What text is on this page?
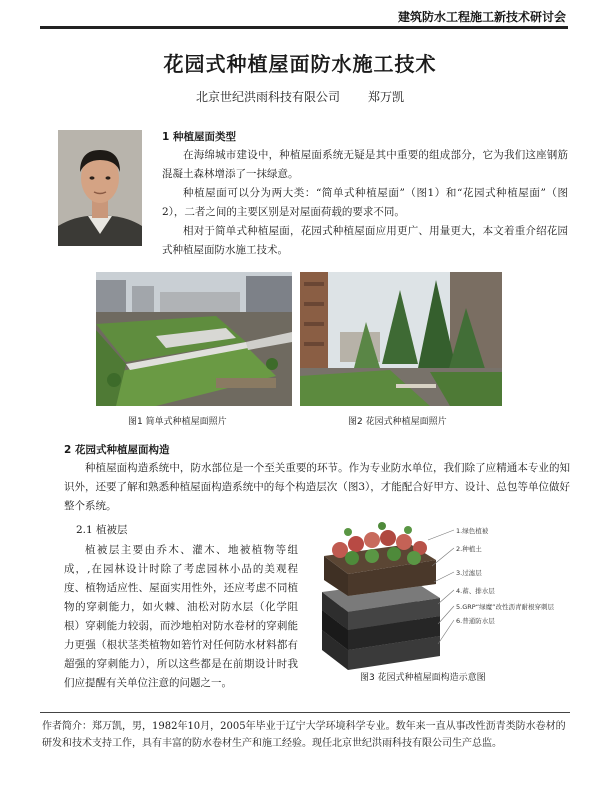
建筑防水工程施工新技术研讨会
花园式种植屋面防水施工技术
北京世纪洪雨科技有限公司 郑万凯
1 种植屋面类型
在海绵城市建设中，种植屋面系统无疑是其中重要的组成部分，它为我们这座钢筋混凝土森林增添了一抹绿意。
种植屋面可以分为两大类：“简单式种植屋面”（图1）和“花园式种植屋面”（图2），二者之间的主要区别是对屋面荷载的要求不同。
相对于简单式种植屋面，花园式种植屋面应用更广、用量更大，本文着重介绍花园式种植屋面防水施工技术。
图1 简单式种植屋面照片	图2 花园式种植屋面照片
2 花园式种植屋面构造
种植屋面构造系统中，防水部位是一个至关重要的环节。作为专业防水单位，我们除了应精通本专业的知识外，还要了解和熟悉种植屋面构造系统中的每个构造层次（图3），才能配合好甲方、设计、总包等单位做好整个系统。
2.1 植被层
植被层主要由乔木、灌木、地被植物等组成，,在园林设计时除了考虑园林小品的美观程度、植物适应性、屋面实用性外，还应考虑不同植物的穿刺能力，如火棘、油松对防水层（化学阻根）穿刺能力较弱，而沙地柏对防水卷材的穿刺能力更强（根状茎类植物如箬竹对任何防水材料都有超强的穿刺能力），所以这些都是在前期设计时我们应提醒有关单位注意的问题之一。
1.绿色植被
2.种植土
3.过滤层
4.蓄、排水层
5.GRP“绿魔”改性沥青耐根穿刺层
6.普通防水层
图3 花园式种植屋面构造示意图
作者简介：郑万凯，男，1982年10月，2005年毕业于辽宁大学环境科学专业。数年来一直从事改性沥青类防水卷材的研发和技术支持工作，具有丰富的防水卷材生产和施工经验。现任北京世纪洪雨科技有限公司生产总监。
